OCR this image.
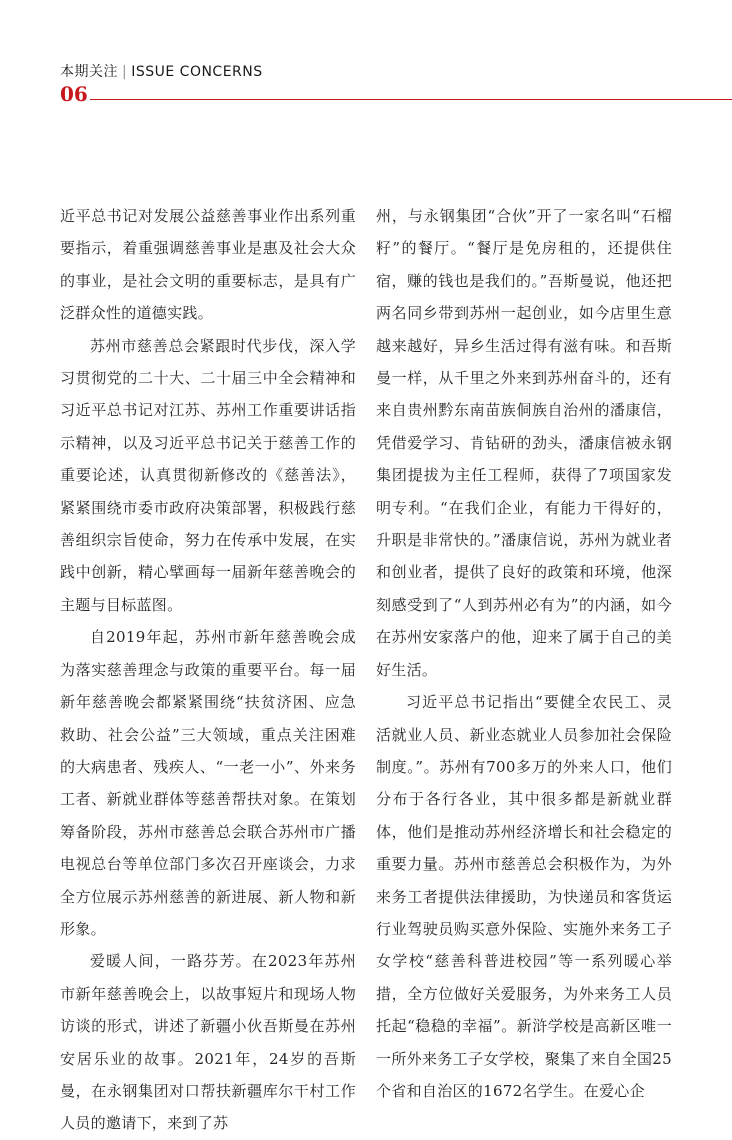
本期关注 | ISSUE CONCERNS
06

近平总书记对发展公益慈善事业作出系列重要指示，着重强调慈善事业是惠及社会大众的事业，是社会文明的重要标志，是具有广泛群众性的道德实践。

苏州市慈善总会紧跟时代步伐，深入学习贯彻党的二十大、二十届三中全会精神和习近平总书记对江苏、苏州工作重要讲话指示精神，以及习近平总书记关于慈善工作的重要论述，认真贯彻新修改的《慈善法》，紧紧围绕市委市政府决策部署，积极践行慈善组织宗旨使命，努力在传承中发展，在实践中创新，精心擘画每一届新年慈善晚会的主题与目标蓝图。

自2019年起，苏州市新年慈善晚会成为落实慈善理念与政策的重要平台。每一届新年慈善晚会都紧紧围绕“扶贫济困、应急救助、社会公益”三大领域，重点关注困难的大病患者、残疾人、“一老一小”、外来务工者、新就业群体等慈善帮扶对象。在策划筹备阶段，苏州市慈善总会联合苏州市广播电视总台等单位部门多次召开座谈会，力求全方位展示苏州慈善的新进展、新人物和新形象。

爱暖人间，一路芬芳。在2023年苏州市新年慈善晚会上，以故事短片和现场人物访谈的形式，讲述了新疆小伙吾斯曼在苏州安居乐业的故事。2021年，24岁的吾斯曼，在永钢集团对口帮扶新疆库尔干村工作人员的邀请下，来到了苏

州，与永钢集团“合伙”开了一家名叫“石榴籽”的餐厅。“餐厅是免房租的，还提供住宿，赚的钱也是我们的。”吾斯曼说，他还把两名同乡带到苏州一起创业，如今店里生意越来越好，异乡生活过得有滋有味。和吾斯曼一样，从千里之外来到苏州奋斗的，还有来自贵州黔东南苗族侗族自治州的潘康信，凭借爱学习、肯钻研的劲头，潘康信被永钢集团提拔为主任工程师，获得了7项国家发明专利。“在我们企业，有能力干得好的，升职是非常快的。”潘康信说，苏州为就业者和创业者，提供了良好的政策和环境，他深刻感受到了“人到苏州必有为”的内涵，如今在苏州安家落户的他，迎来了属于自己的美好生活。

习近平总书记指出“要健全农民工、灵活就业人员、新业态就业人员参加社会保险制度。”。苏州有700多万的外来人口，他们分布于各行各业，其中很多都是新就业群体，他们是推动苏州经济增长和社会稳定的重要力量。苏州市慈善总会积极作为，为外来务工者提供法律援助，为快递员和客货运行业驾驶员购买意外保险、实施外来务工子女学校“慈善科普进校园”等一系列暖心举措，全方位做好关爱服务，为外来务工人员托起“稳稳的幸福”。新浒学校是高新区唯一一所外来务工子女学校，聚集了来自全国25个省和自治区的1672名学生。在爱心企
